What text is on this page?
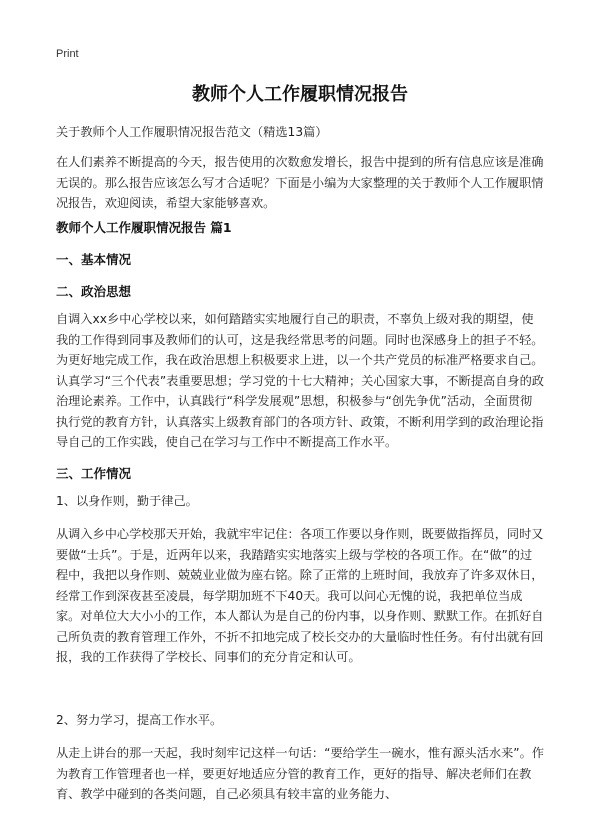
Print
教师个人工作履职情况报告
关于教师个人工作履职情况报告范文（精选13篇）
在人们素养不断提高的今天，报告使用的次数愈发增长，报告中提到的所有信息应该是准确无误的。那么报告应该怎么写才合适呢？下面是小编为大家整理的关于教师个人工作履职情况报告，欢迎阅读，希望大家能够喜欢。
教师个人工作履职情况报告 篇1
一、基本情况
二、政治思想
自调入xx乡中心学校以来，如何踏踏实实地履行自己的职责，不辜负上级对我的期望，使我的工作得到同事及教师们的认可，这是我经常思考的问题。同时也深感身上的担子不轻。为更好地完成工作，我在政治思想上积极要求上进，以一个共产党员的标准严格要求自己。认真学习“三个代表”表重要思想；学习党的十七大精神；关心国家大事，不断提高自身的政治理论素养。工作中，认真践行“科学发展观”思想，积极参与“创先争优”活动，全面贯彻执行党的教育方针，认真落实上级教育部门的各项方针、政策，不断利用学到的政治理论指导自己的工作实践，使自己在学习与工作中不断提高工作水平。
三、工作情况
1、以身作则，勤于律己。
从调入乡中心学校那天开始，我就牢牢记住：各项工作要以身作则，既要做指挥员，同时又要做“士兵”。于是，近两年以来，我踏踏实实地落实上级与学校的各项工作。在“做”的过程中，我把以身作则、兢兢业业做为座右铭。除了正常的上班时间，我放弃了许多双休日，经常工作到深夜甚至凌晨，每学期加班不下40天。我可以问心无愧的说，我把单位当成家。对单位大大小小的工作，本人都认为是自己的份内事，以身作则、默默工作。在抓好自己所负责的教育管理工作外，不折不扣地完成了校长交办的大量临时性任务。有付出就有回报，我的工作获得了学校长、同事们的充分肯定和认可。
2、努力学习，提高工作水平。
从走上讲台的那一天起，我时刻牢记这样一句话：“要给学生一碗水，惟有源头活水来”。作为教育工作管理者也一样，要更好地适应分管的教育工作，更好的指导、解决老师们在教育、教学中碰到的各类问题，自己必须具有较丰富的业务能力、
